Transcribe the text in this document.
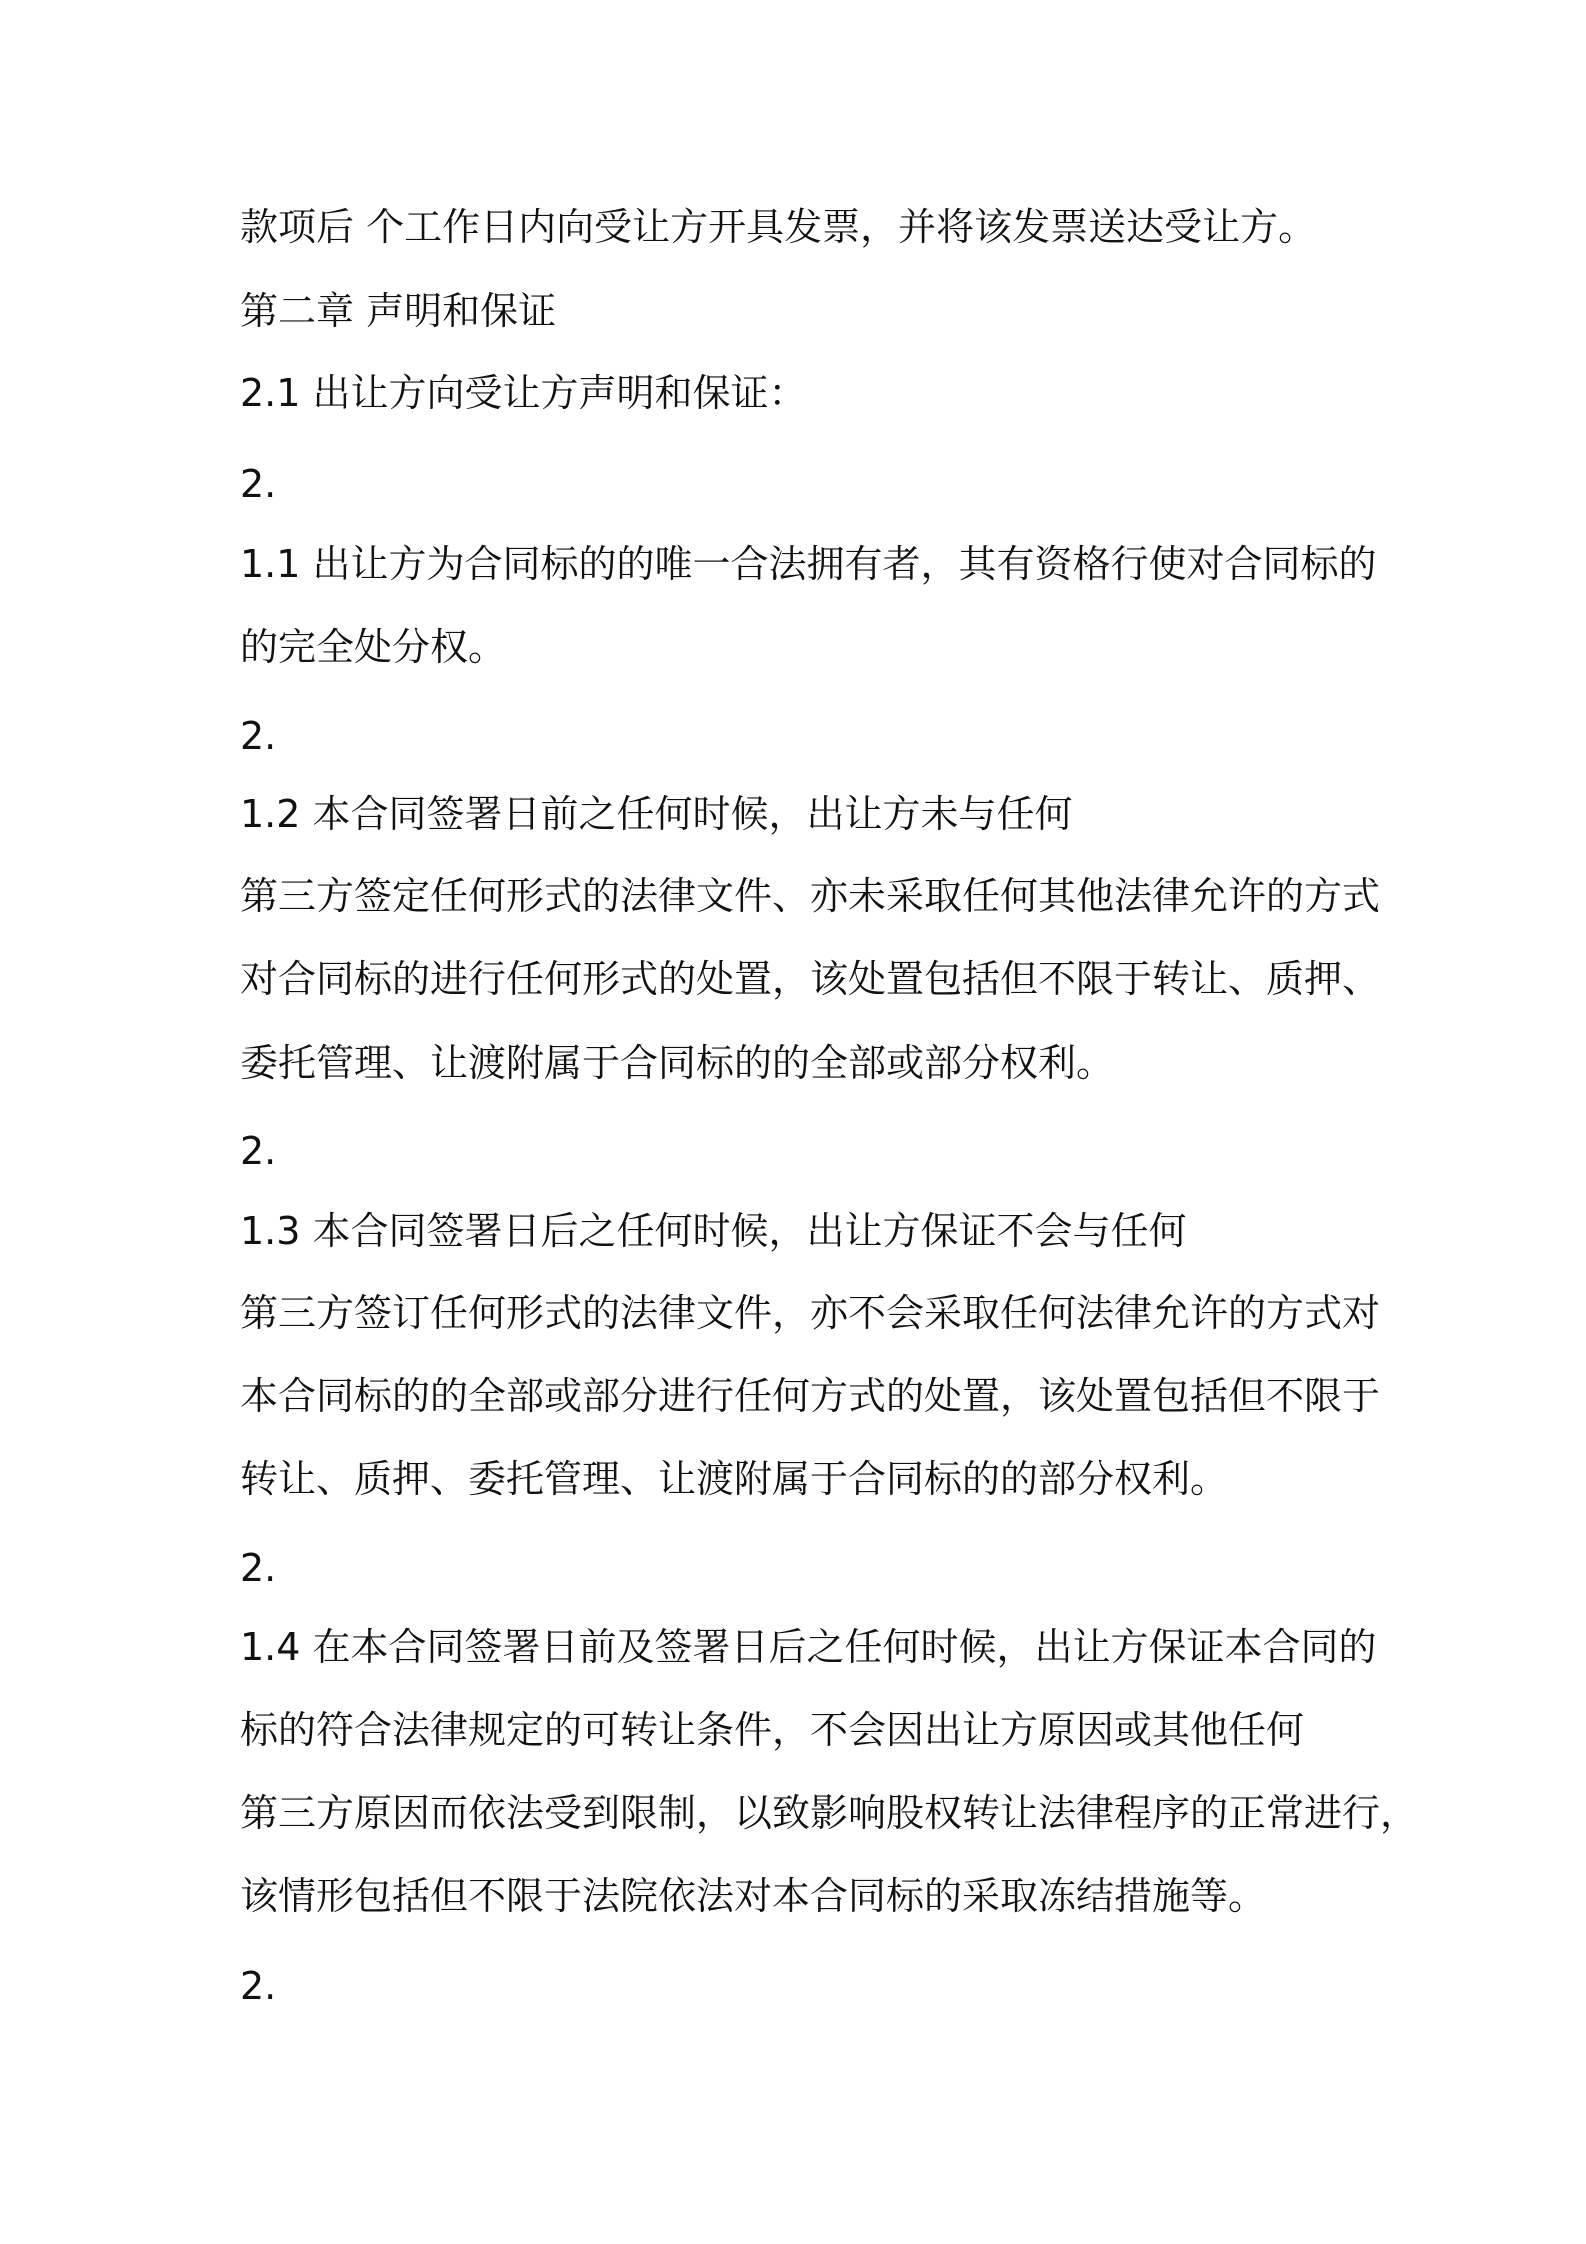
款项后 个工作日内向受让方开具发票，并将该发票送达受让方。

第二章 声明和保证

2.1 出让方向受让方声明和保证：

2.

1.1 出让方为合同标的的唯一合法拥有者，其有资格行使对合同标的

的完全处分权。

2.

1.2 本合同签署日前之任何时候，出让方未与任何

第三方签定任何形式的法律文件、亦未采取任何其他法律允许的方式

对合同标的进行任何形式的处置，该处置包括但不限于转让、质押、

委托管理、让渡附属于合同标的的全部或部分权利。

2.

1.3 本合同签署日后之任何时候，出让方保证不会与任何

第三方签订任何形式的法律文件，亦不会采取任何法律允许的方式对

本合同标的的全部或部分进行任何方式的处置，该处置包括但不限于

转让、质押、委托管理、让渡附属于合同标的的部分权利。

2.

1.4 在本合同签署日前及签署日后之任何时候，出让方保证本合同的

标的符合法律规定的可转让条件，不会因出让方原因或其他任何

第三方原因而依法受到限制，以致影响股权转让法律程序的正常进行，

该情形包括但不限于法院依法对本合同标的采取冻结措施等。

2.
